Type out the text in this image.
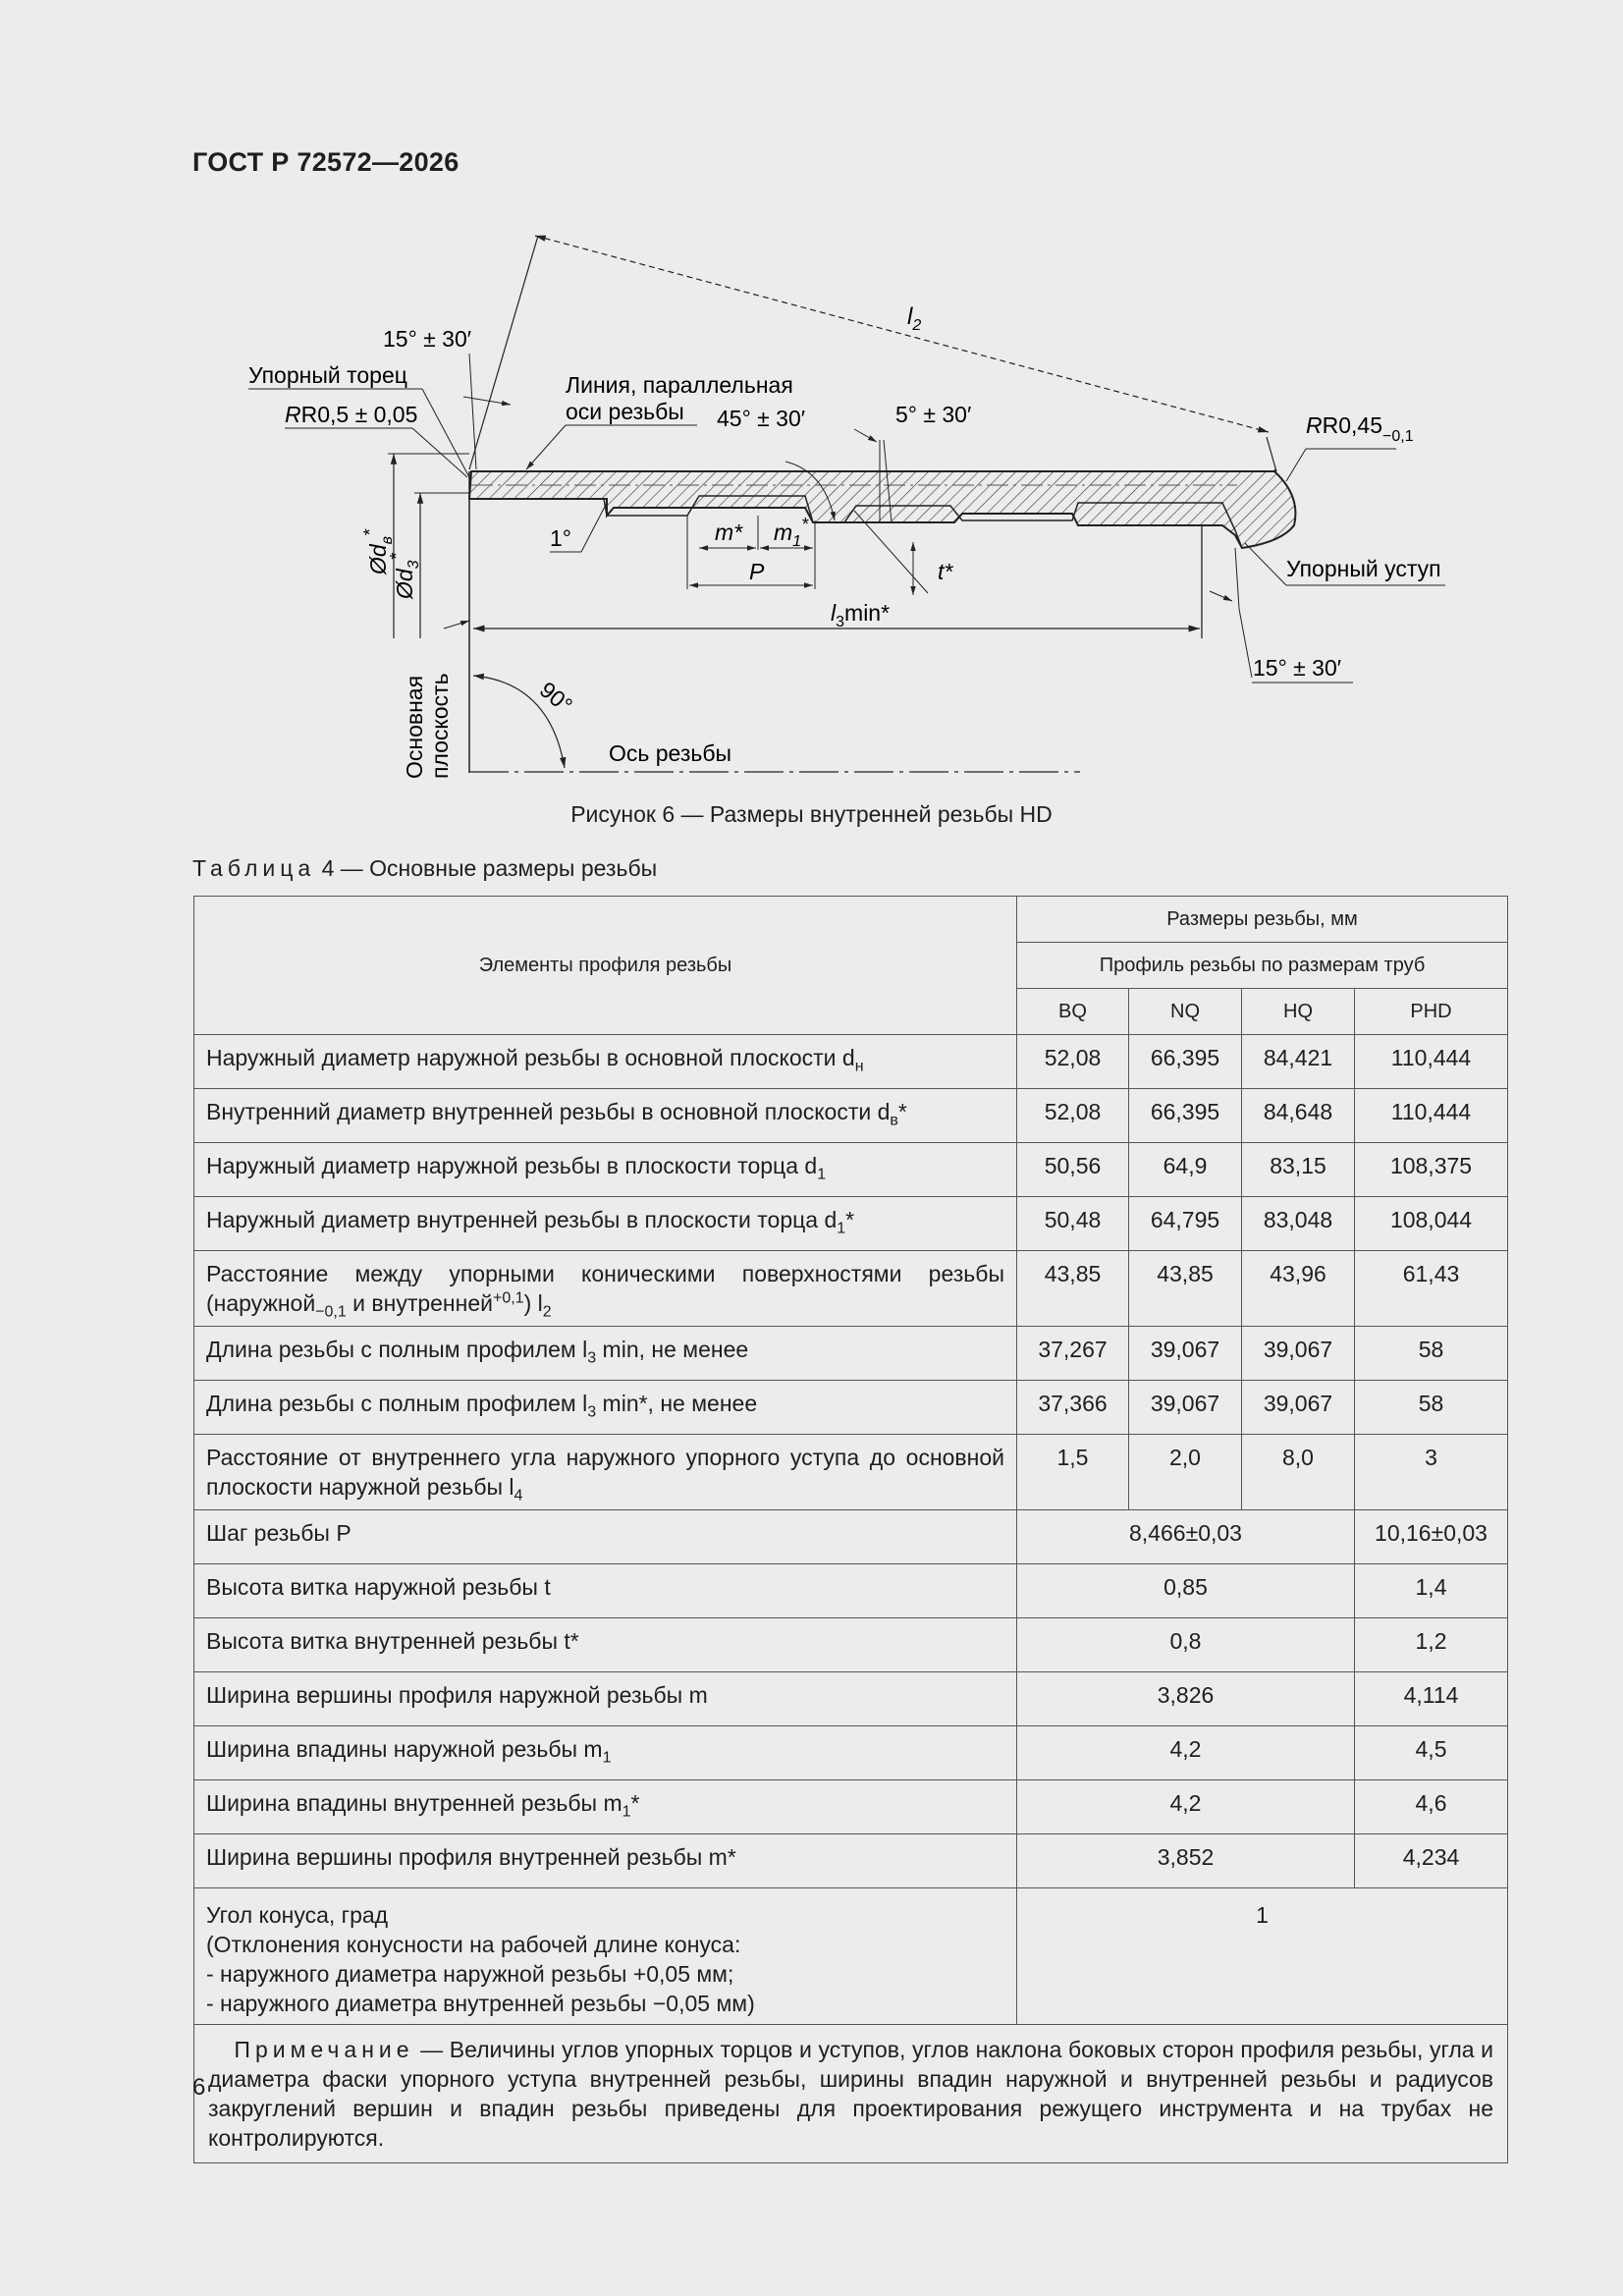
ГОСТ Р 72572—2026
$l_2$
15° ± 30′
Упорный торец
RR0,5 ± 0,05
Линия, параллельная
оси резьбы 45° ± 30′	5° ± 30′	$RR0,45_{-0,1}$
1°	m* $m_1^*$
P	t*	Упорный уступ
$l_3\min*$
15° ± 30′
$Ød_в^*$
$Ød_3^*$
Основная плоскость	90°
Ось резьбы
Рисунок 6 — Размеры внутренней резьбы HD
Таблица 4 — Основные размеры резьбы
Элементы профиля резьбы	Размеры резьбы, мм			
	Профиль резьбы по размерам труб			
	BQ	NQ	HQ	PHD
Наружный диаметр наружной резьбы в основной плоскости $d_н$	52,08	66,395	84,421	110,444
Внутренний диаметр внутренней резьбы в основной плоскости $d_в*$	52,08	66,395	84,648	110,444
Наружный диаметр наружной резьбы в плоскости торца $d_1$	50,56	64,9	83,15	108,375
Наружный диаметр внутренней резьбы в плоскости торца $d_1*$	50,48	64,795	83,048	108,044
Расстояние между упорными коническими поверхностями резьбы (наружной$_{-0,1}$ и внутренней$^{+0,1}$) $l_2$	43,85	43,85	43,96	61,43
Длина резьбы с полным профилем $l_3$ min, не менее	37,267	39,067	39,067	58
Длина резьбы с полным профилем $l_3$ min*, не менее	37,366	39,067	39,067	58
Расстояние от внутреннего угла наружного упорного уступа до основной плоскости наружной резьбы $l_4$	1,5	2,0	8,0	3
Шаг резьбы P	8,466±0,03			10,16±0,03
Высота витка наружной резьбы t	0,85			1,4
Высота витка внутренней резьбы t*	0,8			1,2
Ширина вершины профиля наружной резьбы m	3,826			4,114
Ширина впадины наружной резьбы $m_1$	4,2			4,5
Ширина впадины внутренней резьбы $m_1*$	4,2			4,6
Ширина вершины профиля внутренней резьбы m*	3,852			4,234

Угол конуса, град
(Отклонения конусности на рабочей длине конуса:
- наружного диаметра наружной резьбы +0,05 мм;
- наружного диаметра внутренней резьбы −0,05 мм)	1			
Примечание — Величины углов упорных торцов и уступов, углов наклона боковых сторон профиля резьбы, угла и диаметра фаски упорного уступа внутренней резьбы, ширины впадин наружной и внутренней резьбы и радиусов закруглений вершин и впадин резьбы приведены для проектирования режущего инструмента и на трубах не контролируются.				
6
